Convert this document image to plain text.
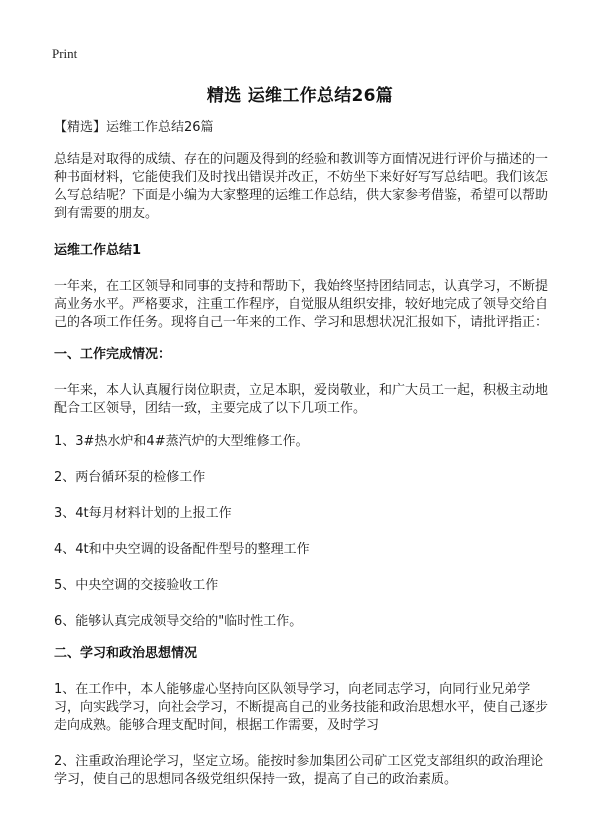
Print
精选 运维工作总结26篇

【精选】运维工作总结26篇

总结是对取得的成绩、存在的问题及得到的经验和教训等方面情况进行评价与描述的一种书面材料，它能使我们及时找出错误并改正，不妨坐下来好好写写总结吧。我们该怎么写总结呢？下面是小编为大家整理的运维工作总结，供大家参考借鉴，希望可以帮助到有需要的朋友。

运维工作总结1

一年来，在工区领导和同事的支持和帮助下，我始终坚持团结同志，认真学习，不断提高业务水平。严格要求，注重工作程序，自觉服从组织安排，较好地完成了领导交给自己的各项工作任务。现将自己一年来的工作、学习和思想状况汇报如下，请批评指正：

一、工作完成情况：

一年来，本人认真履行岗位职责，立足本职，爱岗敬业，和广大员工一起，积极主动地配合工区领导，团结一致，主要完成了以下几项工作。

1、3#热水炉和4#蒸汽炉的大型维修工作。

2、两台循环泵的检修工作

3、4t每月材料计划的上报工作

4、4t和中央空调的设备配件型号的整理工作

5、中央空调的交接验收工作

6、能够认真完成领导交给的"临时性工作。

二、学习和政治思想情况

1、在工作中，本人能够虚心坚持向区队领导学习，向老同志学习，向同行业兄弟学习，向实践学习，向社会学习，不断提高自己的业务技能和政治思想水平，使自己逐步走向成熟。能够合理支配时间，根据工作需要，及时学习

2、注重政治理论学习，坚定立场。能按时参加集团公司矿工区党支部组织的政治理论学习，使自己的思想同各级党组织保持一致，提高了自己的政治素质。
